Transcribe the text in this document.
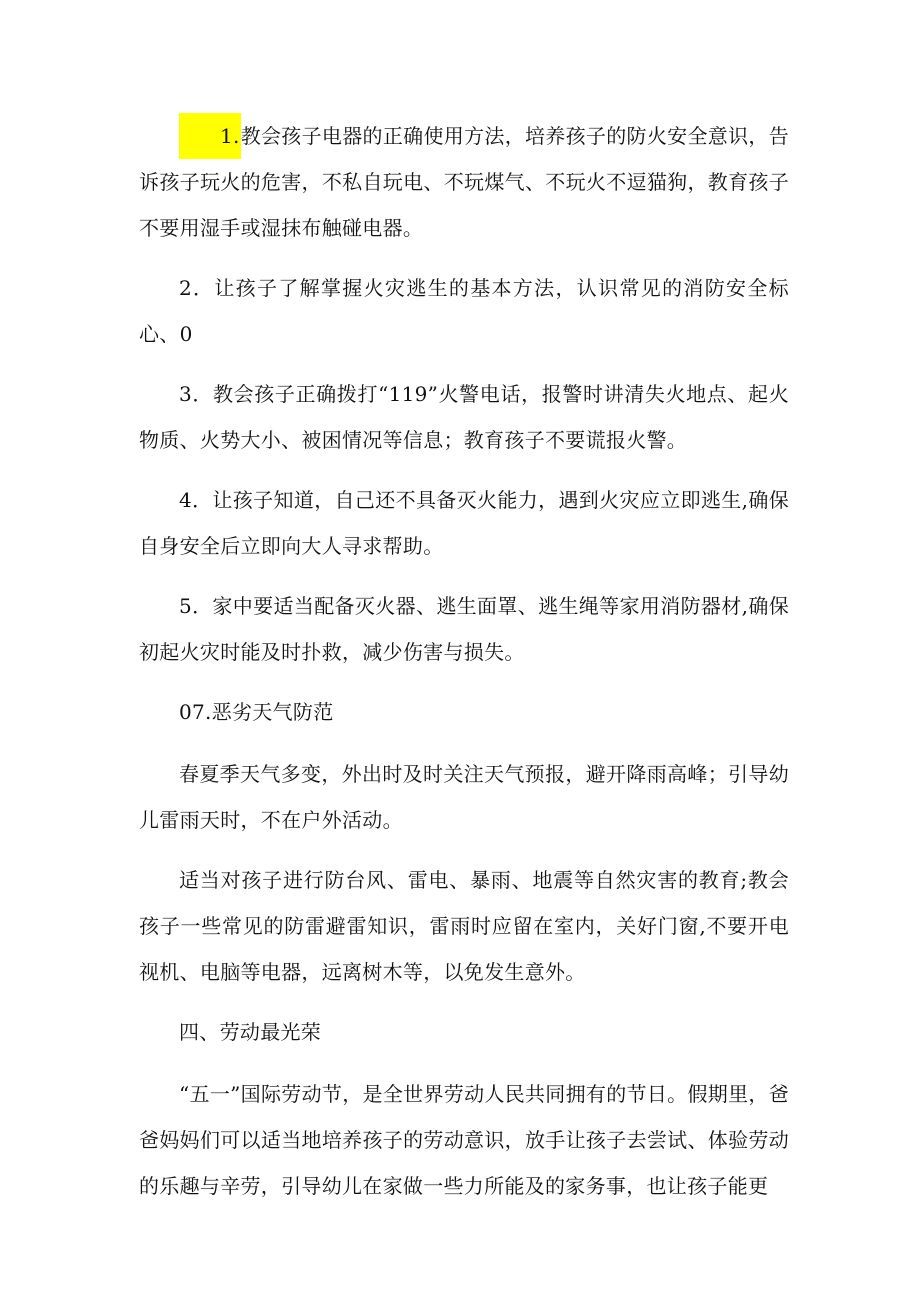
1.教会孩子电器的正确使用方法，培养孩子的防火安全意识，告诉孩子玩火的危害，不私自玩电、不玩煤气、不玩火不逗猫狗，教育孩子不要用湿手或湿抹布触碰电器。

2．让孩子了解掌握火灾逃生的基本方法，认识常见的消防安全标心、0

3．教会孩子正确拨打“119”火警电话，报警时讲清失火地点、起火物质、火势大小、被困情况等信息；教育孩子不要谎报火警。

4．让孩子知道，自己还不具备灭火能力，遇到火灾应立即逃生,确保自身安全后立即向大人寻求帮助。

5．家中要适当配备灭火器、逃生面罩、逃生绳等家用消防器材,确保初起火灾时能及时扑救，减少伤害与损失。

07.恶劣天气防范

春夏季天气多变，外出时及时关注天气预报，避开降雨高峰；引导幼儿雷雨天时，不在户外活动。

适当对孩子进行防台风、雷电、暴雨、地震等自然灾害的教育;教会孩子一些常见的防雷避雷知识，雷雨时应留在室内，关好门窗,不要开电视机、电脑等电器，远离树木等，以免发生意外。

四、劳动最光荣

“五一”国际劳动节，是全世界劳动人民共同拥有的节日。假期里，爸爸妈妈们可以适当地培养孩子的劳动意识，放手让孩子去尝试、体验劳动的乐趣与辛劳，引导幼儿在家做一些力所能及的家务事，也让孩子能更
